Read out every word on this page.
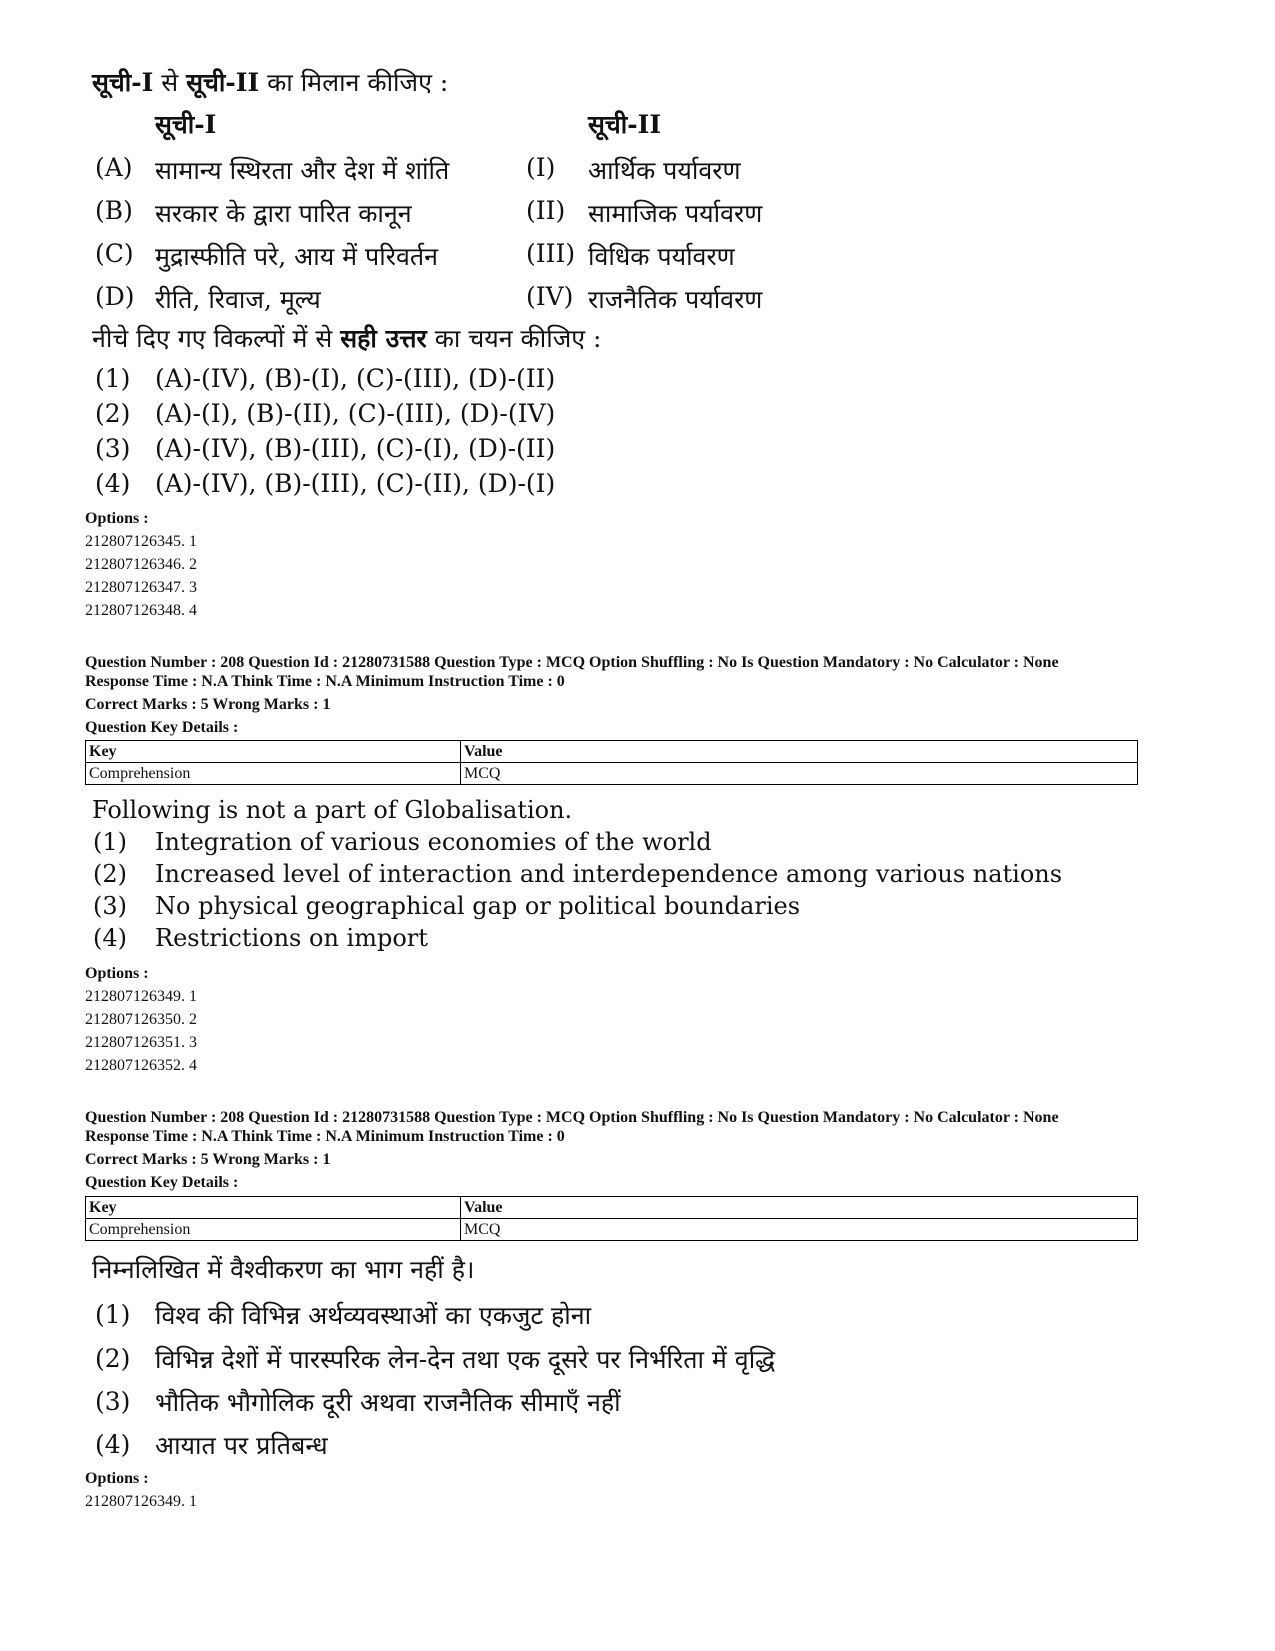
सूची-I से सूची-II का मिलान कीजिए :
सूची-I	सूची-II
(A) सामान्य स्थिरता और देश में शांति	(I) आर्थिक पर्यावरण
(B) सरकार के द्वारा पारित कानून	(II) सामाजिक पर्यावरण
(C) मुद्रास्फीति परे, आय में परिवर्तन	(III) विधिक पर्यावरण
(D) रीति, रिवाज, मूल्य	(IV) राजनैतिक पर्यावरण
नीचे दिए गए विकल्पों में से सही उत्तर का चयन कीजिए :
(1) (A)-(IV), (B)-(I), (C)-(III), (D)-(II)
(2) (A)-(I), (B)-(II), (C)-(III), (D)-(IV)
(3) (A)-(IV), (B)-(III), (C)-(I), (D)-(II)
(4) (A)-(IV), (B)-(III), (C)-(II), (D)-(I)
Options :
212807126345. 1
212807126346. 2
212807126347. 3
212807126348. 4
Question Number : 208 Question Id : 21280731588 Question Type : MCQ Option Shuffling : No Is Question Mandatory : No Calculator : None
Response Time : N.A Think Time : N.A Minimum Instruction Time : 0
Correct Marks : 5 Wrong Marks : 1
Question Key Details :
Key	Value
Comprehension	MCQ
Following is not a part of Globalisation.
(1) Integration of various economies of the world
(2) Increased level of interaction and interdependence among various nations
(3) No physical geographical gap or political boundaries
(4) Restrictions on import
Options :
212807126349. 1
212807126350. 2
212807126351. 3
212807126352. 4
Question Number : 208 Question Id : 21280731588 Question Type : MCQ Option Shuffling : No Is Question Mandatory : No Calculator : None
Response Time : N.A Think Time : N.A Minimum Instruction Time : 0
Correct Marks : 5 Wrong Marks : 1
Question Key Details :
Key	Value
Comprehension	MCQ
निम्नलिखित में वैश्वीकरण का भाग नहीं है।
(1) विश्व की विभिन्न अर्थव्यवस्थाओं का एकजुट होना
(2) विभिन्न देशों में पारस्परिक लेन-देन तथा एक दूसरे पर निर्भरिता में वृद्धि
(3) भौतिक भौगोलिक दूरी अथवा राजनैतिक सीमाएँ नहीं
(4) आयात पर प्रतिबन्ध
Options :
212807126349. 1
